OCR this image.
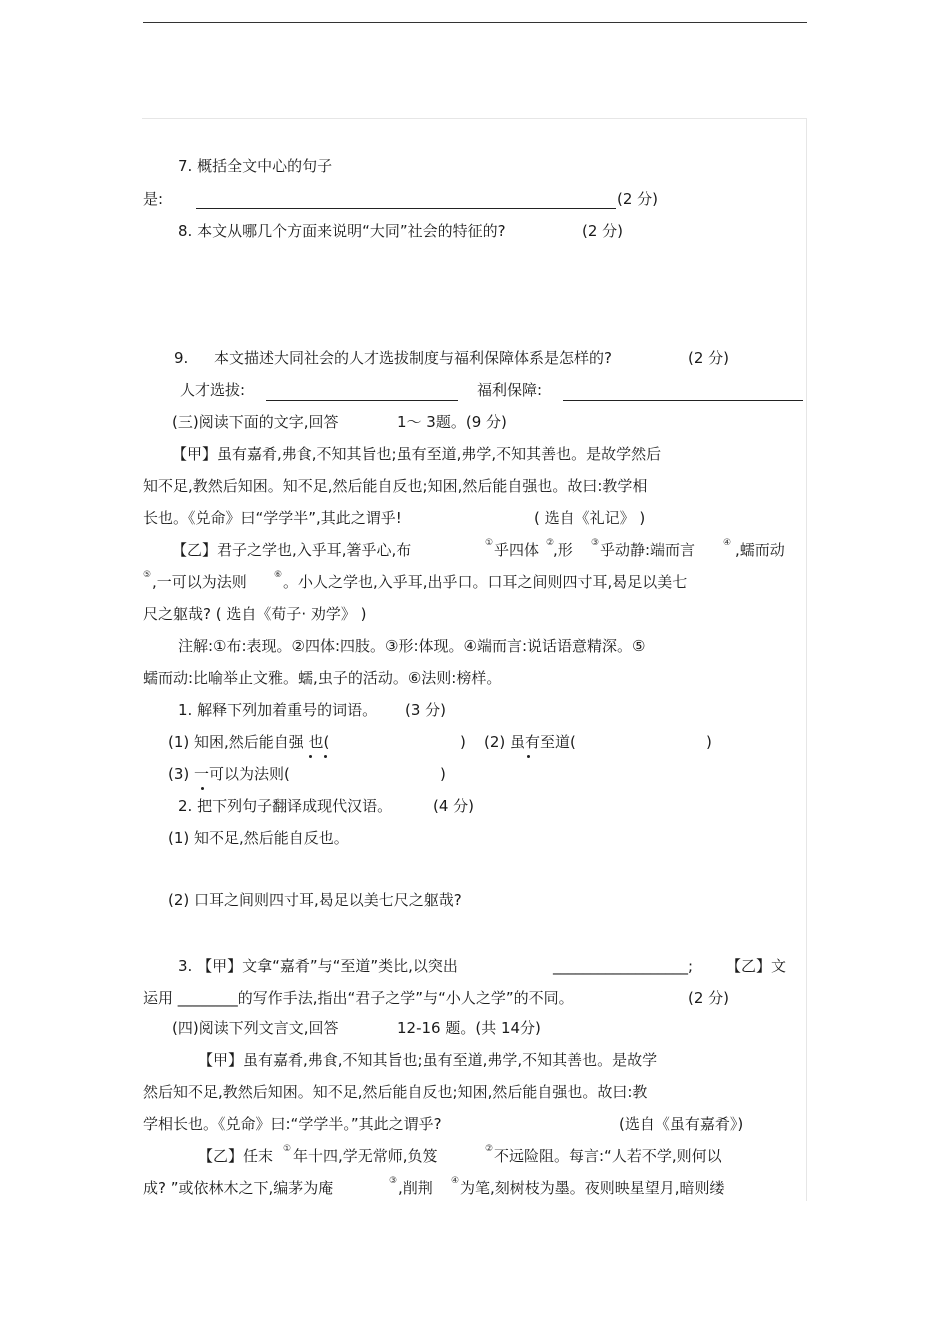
7. 概括全文中心的句子
是:	(2 分)
8. 本文从哪几个方面来说明“大同”社会的特征的?	(2 分)
9. 本文描述大同社会的人才选拔制度与福利保障体系是怎样的?	(2 分)
人才选拔:	福利保障:
(三)阅读下面的文字,回答	1～ 3题。(9 分)
【甲】虽有嘉肴,弗食,不知其旨也;虽有至道,弗学,不知其善也。是故学然后
知不足,教然后知困。知不足,然后能自反也;知困,然后能自强也。故曰:教学相
长也。《兑命》曰“学学半”,其此之谓乎!	( 选自《礼记》 )
【乙】君子之学也,入乎耳,箸乎心,布	① 乎四体 ②
,形 ③ 乎动静:端而言	④ ,蠕而动
⑤ ,一可以为法则	⑥ 。小人之学也,入乎耳,出乎口。口耳之间则四寸耳,曷足以美七
尺之躯哉? ( 选自《荀子· 劝学》 )
注解:①布:表现。②四体:四肢。③形:体现。④端而言:说话语意精深。⑤
蠕而动:比喻举止文雅。蠕,虫子的活动。⑥法则:榜样。
1. 解释下列加着重号的词语。 (3 分)
(1) 知困,然后能自强 也(	) (2) 虽有至道(	)
(3) 一可以为法则(	)
2. 把下列句子翻译成现代汉语。	(4 分)
(1) 知不足,然后能自反也。
(2) 口耳之间则四寸耳,曷足以美七尺之躯哉?
3. 【甲】文拿“嘉肴”与“至道”类比,以突出	__________________; 【乙】文
运用 ________的写作手法,指出“君子之学”与“小人之学”的不同。	(2 分)
(四)阅读下列文言文,回答	12-16 题。(共 14分)
【甲】虽有嘉肴,弗食,不知其旨也;虽有至道,弗学,不知其善也。是故学
然后知不足,教然后知困。知不足,然后能自反也;知困,然后能自强也。故曰:教
学相长也。《兑命》曰:“学学半。”其此之谓乎?	(选自《虽有嘉肴》)
【乙】任末 ① 年十四,学无常师,负笈	② 不远险阻。每言:“人若不学,则何以
成? ”或依林木之下,编茅为庵	③ ,削荆 ④ 为笔,刻树枝为墨。夜则映星望月,暗则缕
